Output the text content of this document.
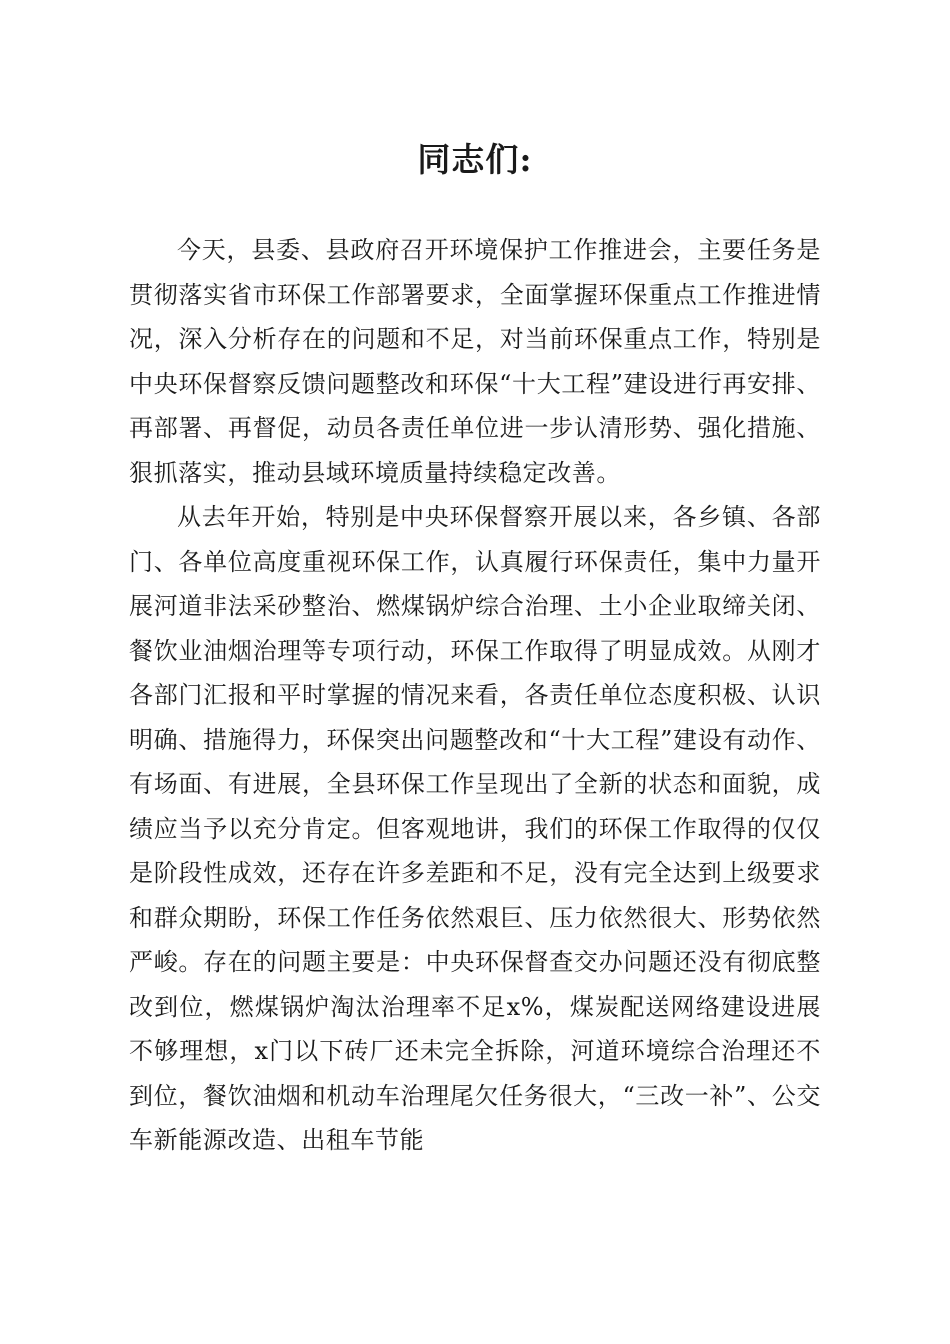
同志们:

今天，县委、县政府召开环境保护工作推进会，主要任务是贯彻落实省市环保工作部署要求，全面掌握环保重点工作推进情况，深入分析存在的问题和不足，对当前环保重点工作，特别是中央环保督察反馈问题整改和环保“十大工程”建设进行再安排、再部署、再督促，动员各责任单位进一步认清形势、强化措施、狠抓落实，推动县域环境质量持续稳定改善。

从去年开始，特别是中央环保督察开展以来，各乡镇、各部门、各单位高度重视环保工作，认真履行环保责任，集中力量开展河道非法采砂整治、燃煤锅炉综合治理、土小企业取缔关闭、餐饮业油烟治理等专项行动，环保工作取得了明显成效。从刚才各部门汇报和平时掌握的情况来看，各责任单位态度积极、认识明确、措施得力，环保突出问题整改和“十大工程”建设有动作、有场面、有进展，全县环保工作呈现出了全新的状态和面貌，成绩应当予以充分肯定。但客观地讲，我们的环保工作取得的仅仅是阶段性成效，还存在许多差距和不足，没有完全达到上级要求和群众期盼，环保工作任务依然艰巨、压力依然很大、形势依然严峻。存在的问题主要是：中央环保督查交办问题还没有彻底整改到位，燃煤锅炉淘汰治理率不足x%，煤炭配送网络建设进展不够理想，x门以下砖厂还未完全拆除，河道环境综合治理还不到位，餐饮油烟和机动车治理尾欠任务很大，“三改一补”、公交车新能源改造、出租车节能
